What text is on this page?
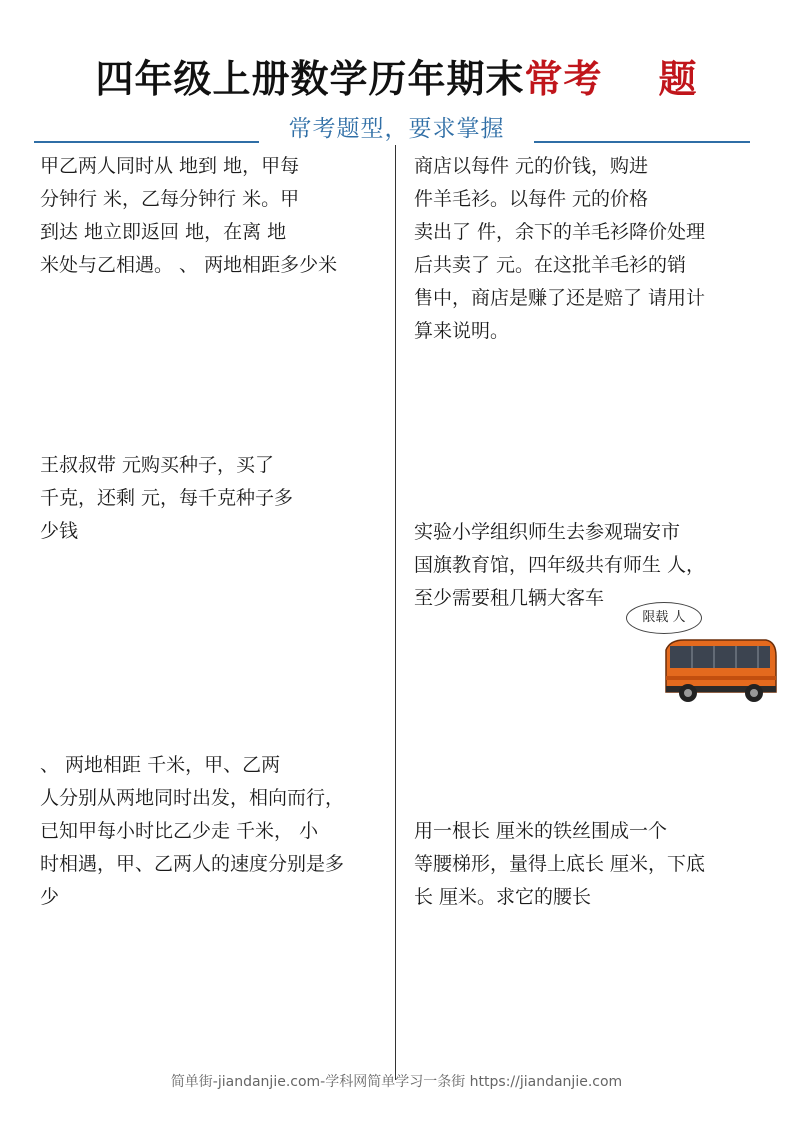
四年级上册数学历年期末常考 题
常考题型，要求掌握

甲乙两人同时从 地到 地，甲每

分钟行 米，乙每分钟行 米。甲

到达 地立即返回 地，在离 地

米处与乙相遇。 、 两地相距多少米

王叔叔带 元购买种子，买了

千克，还剩 元，每千克种子多

少钱

、 两地相距 千米，甲、乙两

人分别从两地同时出发，相向而行，

已知甲每小时比乙少走 千米， 小

时相遇，甲、乙两人的速度分别是多

少

商店以每件 元的价钱，购进

件羊毛衫。以每件 元的价格

卖出了 件，余下的羊毛衫降价处理

后共卖了 元。在这批羊毛衫的销

售中，商店是赚了还是赔了 请用计

算来说明。

实验小学组织师生去参观瑞安市

国旗教育馆，四年级共有师生 人，

至少需要租几辆大客车

限载 人

用一根长 厘米的铁丝围成一个

等腰梯形，量得上底长 厘米，下底

长 厘米。求它的腰长

简单街-jiandanjie.com-学科网简单学习一条街 https://jiandanjie.com
